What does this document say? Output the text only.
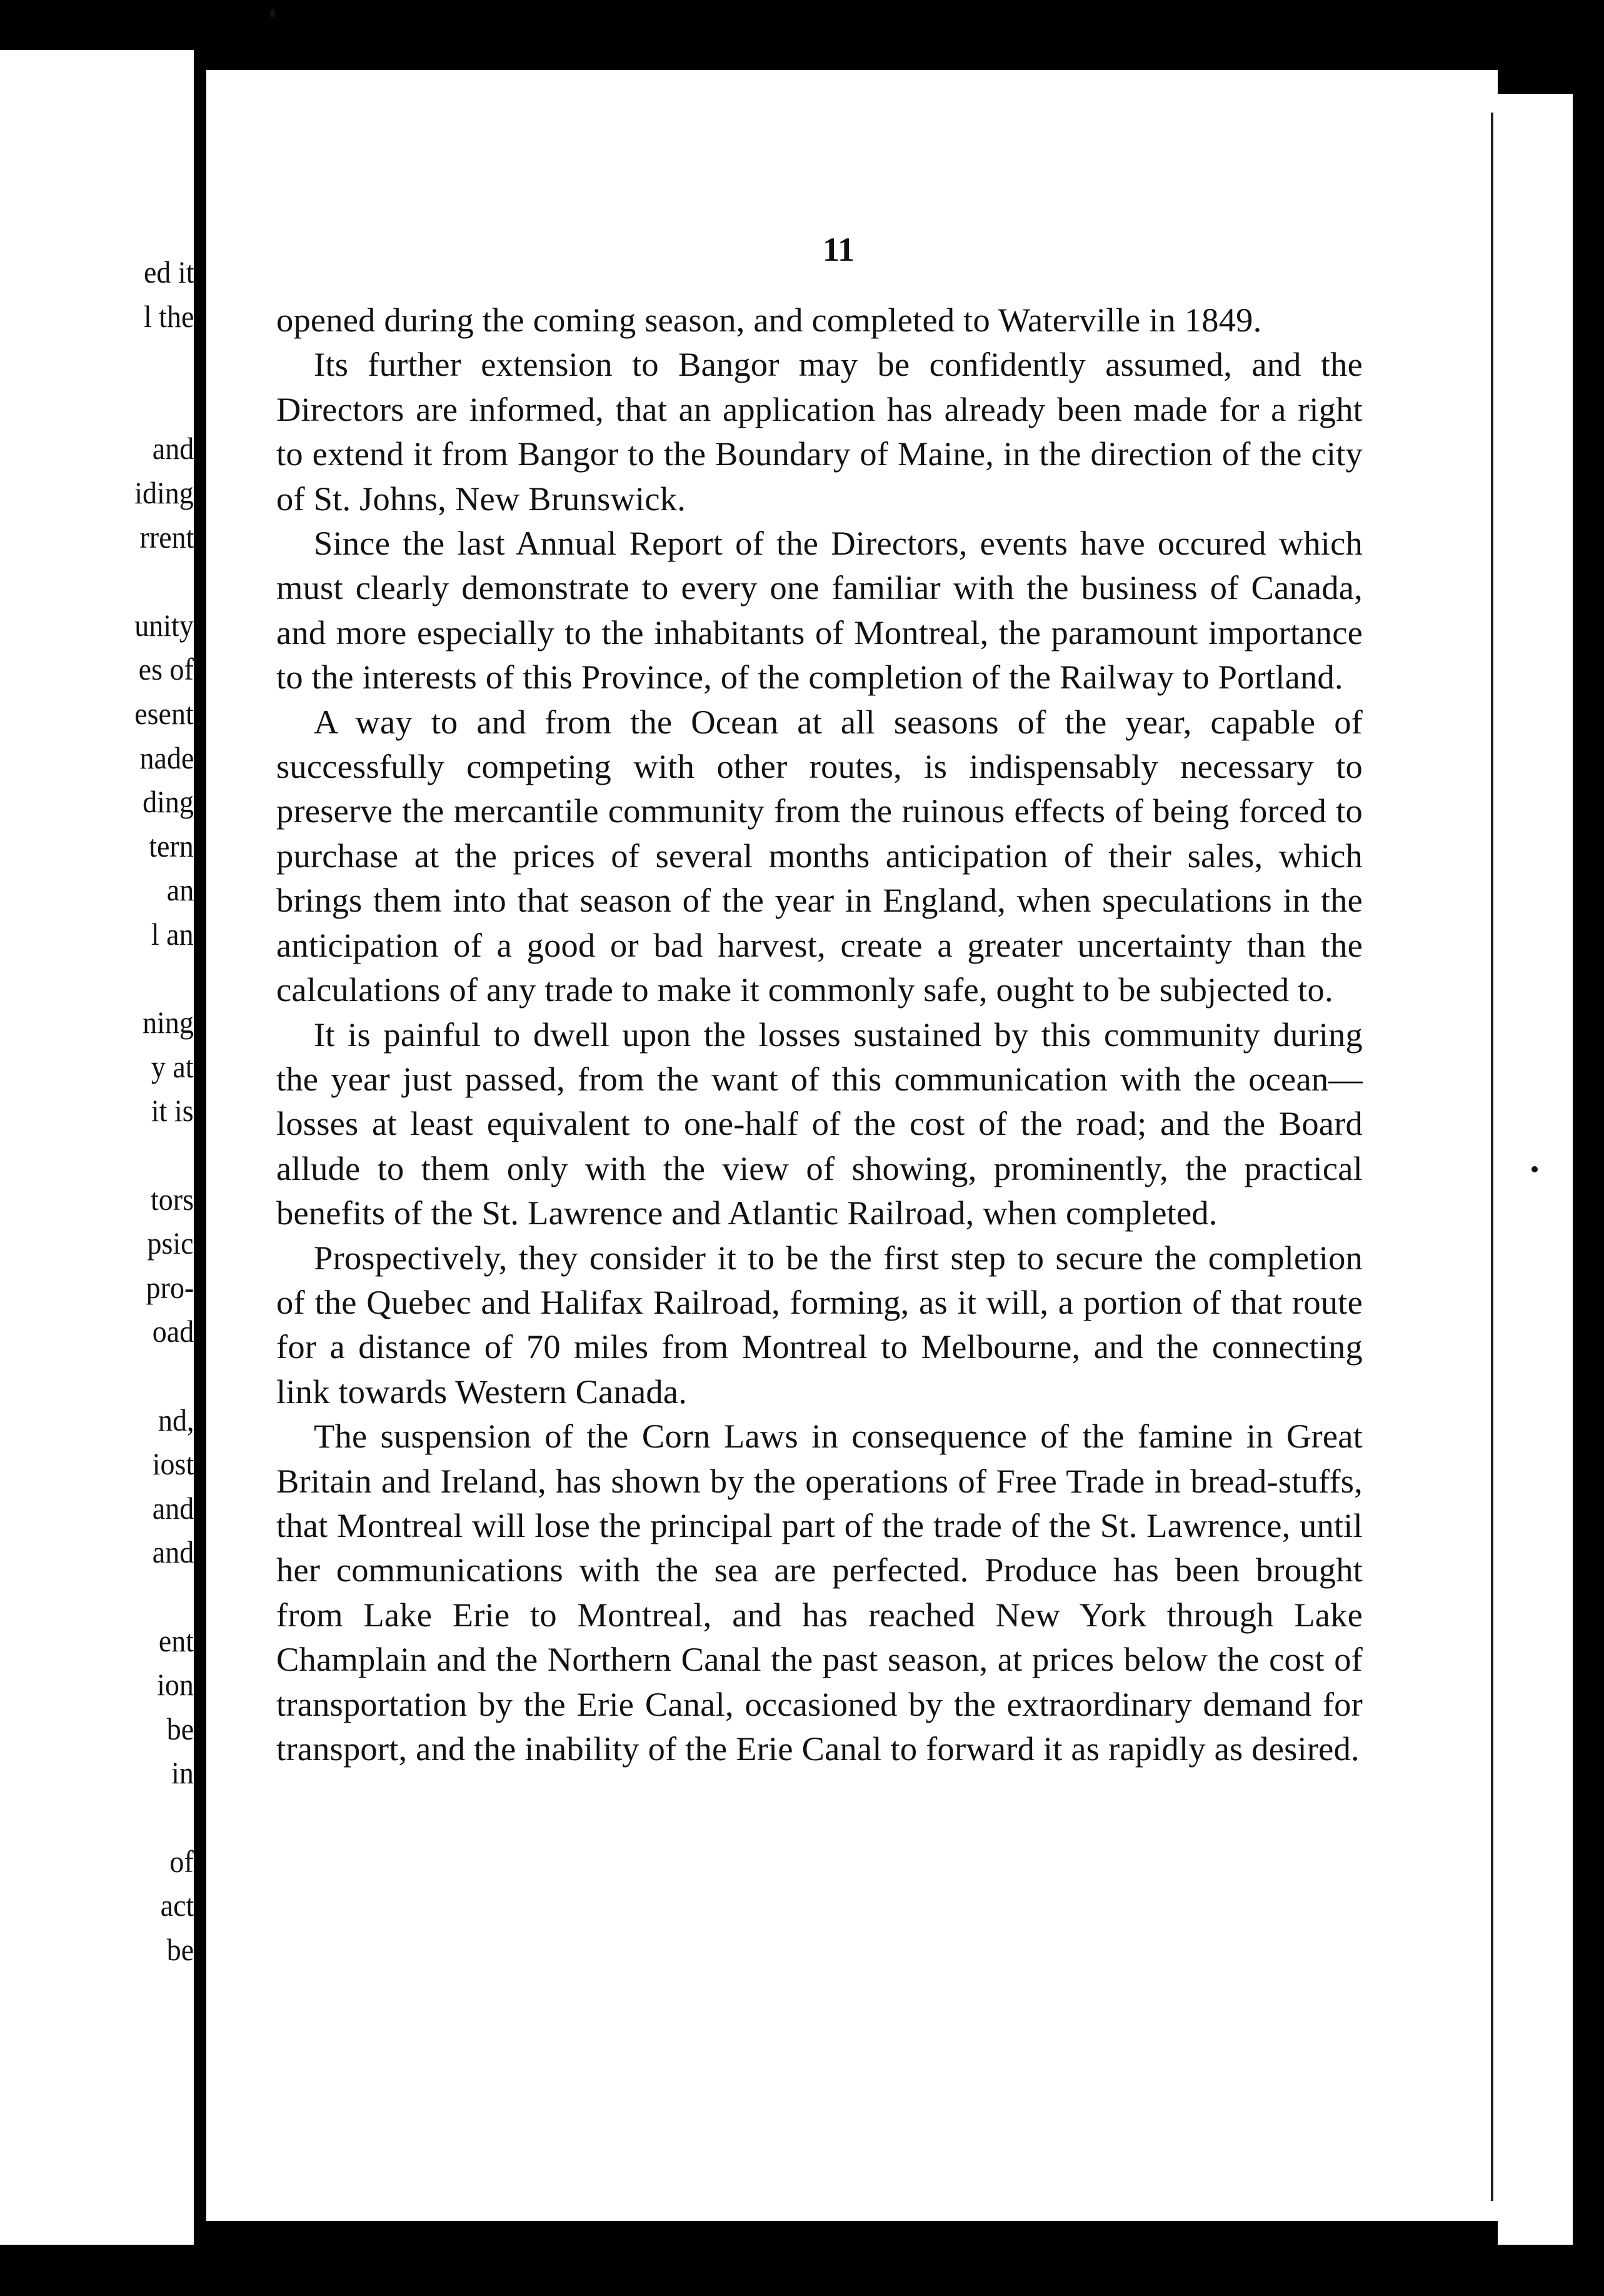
ed it
l the
and
iding
rrent
unity
es of
esent
nade
ding
tern
an
l an
ning
y at
it is
tors
psic
pro-
oad
nd,
iost
and
and
ent
ion
be
in
of
act
be
11

opened during the coming season, and completed to Waterville in 1849.

Its further extension to Bangor may be confidently assumed, and the Directors are informed, that an application has already been made for a right to extend it from Bangor to the Boundary of Maine, in the direction of the city of St. Johns, New Brunswick.

Since the last Annual Report of the Directors, events have occured which must clearly demonstrate to every one familiar with the business of Canada, and more especially to the inhabitants of Montreal, the paramount importance to the interests of this Province, of the completion of the Railway to Portland.

A way to and from the Ocean at all seasons of the year, capable of successfully competing with other routes, is indispensably necessary to preserve the mercantile community from the ruinous effects of being forced to purchase at the prices of several months anticipation of their sales, which brings them into that season of the year in England, when speculations in the anticipation of a good or bad harvest, create a greater uncertainty than the calculations of any trade to make it commonly safe, ought to be subjected to.

It is painful to dwell upon the losses sustained by this community during the year just passed, from the want of this communication with the ocean—losses at least equivalent to one-half of the cost of the road; and the Board allude to them only with the view of showing, prominently, the practical benefits of the St. Lawrence and Atlantic Railroad, when completed.

Prospectively, they consider it to be the first step to secure the completion of the Quebec and Halifax Railroad, forming, as it will, a portion of that route for a distance of 70 miles from Montreal to Melbourne, and the connecting link towards Western Canada.

The suspension of the Corn Laws in consequence of the famine in Great Britain and Ireland, has shown by the operations of Free Trade in bread-stuffs, that Montreal will lose the principal part of the trade of the St. Lawrence, until her communications with the sea are perfected. Produce has been brought from Lake Erie to Montreal, and has reached New York through Lake Champlain and the Northern Canal the past season, at prices below the cost of transportation by the Erie Canal, occasioned by the extraordinary demand for transport, and the inability of the Erie Canal to forward it as rapidly as desired.
